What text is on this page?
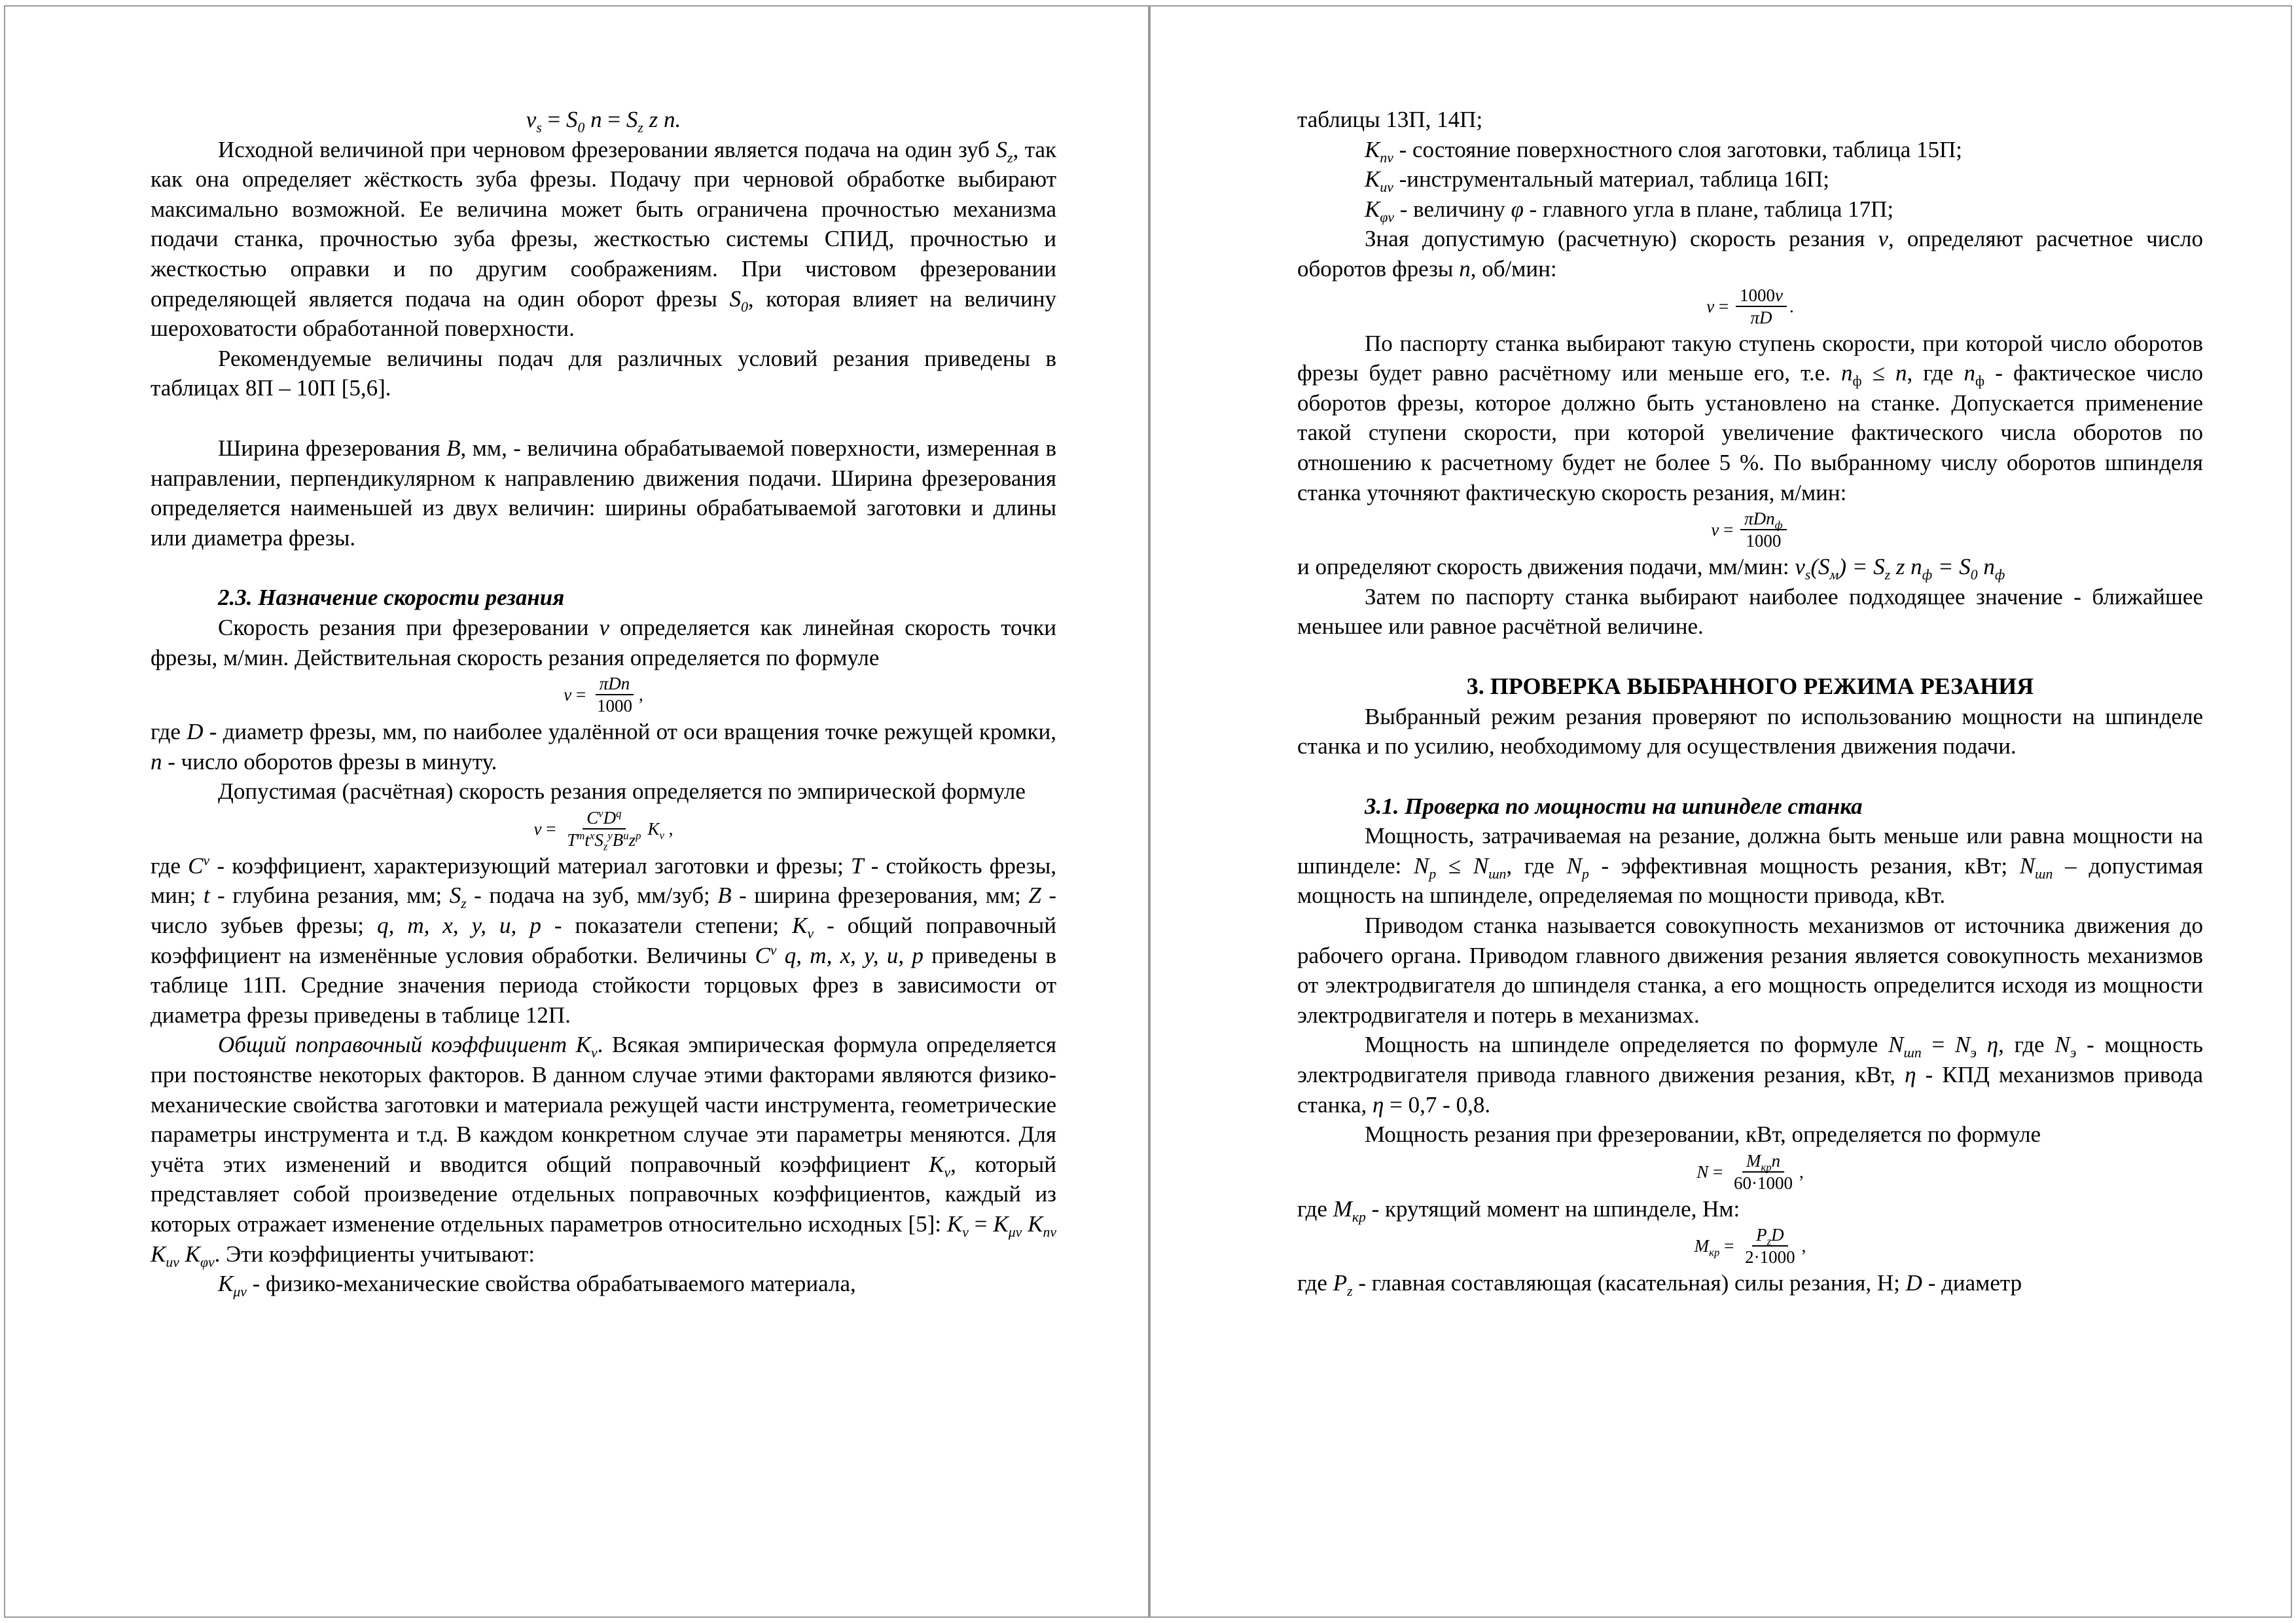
$v_s = S_0$ $n = S_z$ z n.

Исходной величиной при черновом фрезеровании является подача на один зуб $S_z$, так как она определяет жёсткость зуба фрезы. Подачу при черновой обработке выбирают максимально возможной. Ее величина может быть ограничена прочностью механизма подачи станка, прочностью зуба фрезы, жесткостью системы СПИД, прочностью и жесткостью оправки и по другим соображениям. При чистовом фрезеровании определяющей является подача на один оборот фрезы $S_0$, которая влияет на величину шероховатости обработанной поверхности.

Рекомендуемые величины подач для различных условий резания приведены в таблицах 8П – 10П [5,6].

Ширина фрезерования B, мм, - величина обрабатываемой поверхности, измеренная в направлении, перпендикулярном к направлению движения подачи. Ширина фрезерования определяется наименьшей из двух величин: ширины обрабатываемой заготовки и длины или диаметра фрезы.

2.3. Назначение скорости резания

Скорость резания при фрезеровании v определяется как линейная скорость точки фрезы, м/мин. Действительная скорость резания определяется по формуле

$v = \frac{\text{πDn}}{1000}$ ,

где D - диаметр фрезы, мм, по наиболее удалённой от оси вращения точке режущей кромки, n - число оборотов фрезы в минуту.

Допустимая (расчётная) скорость резания определяется по эмпирической формуле

$v = \frac{C^vD^q}{T^mt^xS_z^yB^uz^p} K_v$ ,

где $C^v$ - коэффициент, характеризующий материал заготовки и фрезы; T - стойкость фрезы, мин; t - глубина резания, мм; $S_z$ - подача на зуб, мм/зуб; B - ширина фрезерования, мм; Z - число зубьев фрезы; q, m, x, y, u, p - показатели степени; $K_v$ - общий поправочный коэффициент на изменённые условия обработки. Величины $C^v$ q, m, x, y, u, p приведены в таблице 11П. Средние значения периода стойкости торцовых фрез в зависимости от диаметра фрезы приведены в таблице 12П.

Общий поправочный коэффициент $K_v$. Всякая эмпирическая формула определяется при постоянстве некоторых факторов. В данном случае этими факторами являются физико-механические свойства заготовки и материала режущей части инструмента, геометрические параметры инструмента и т.д. В каждом конкретном случае эти параметры меняются. Для учёта этих изменений и вводится общий поправочный коэффициент $K_v$, который представляет собой произведение отдельных поправочных коэффициентов, каждый из которых отражает изменение отдельных параметров относительно исходных [5]: $K_v = K_{\mu v}$ $K_{nv}$ $K_{uv}$ $K_{\varphi v}$. Эти коэффициенты учитывают:

$K_{\mu v}$ - физико-механические свойства обрабатываемого материала,

таблицы 13П, 14П;

$K_{nv}$ - состояние поверхностного слоя заготовки, таблица 15П;

$K_{uv}$ -инструментальный материал, таблица 16П;

$K_{\varphi v}$ - величину φ - главного угла в плане, таблица 17П;

Зная допустимую (расчетную) скорость резания v, определяют расчетное число оборотов фрезы n, об/мин:

$v = \frac{1000v}{\pi D}$ .

По паспорту станка выбирают такую ступень скорости, при которой число оборотов фрезы будет равно расчётному или меньше его, т.е. $n_ф \le n$, где $n_ф$ - фактическое число оборотов фрезы, которое должно быть установлено на станке. Допускается применение такой ступени скорости, при которой увеличение фактического числа оборотов по отношению к расчетному будет не более 5 %. По выбранному числу оборотов шпинделя станка уточняют фактическую скорость резания, м/мин:

$v = \frac{\pi Dn_ф}{1000}$

и определяют скорость движения подачи, мм/мин: $v_s(S_м) = S_z$ z $n_ф = S_0$ $n_ф$

Затем по паспорту станка выбирают наиболее подходящее значение - ближайшее меньшее или равное расчётной величине.

3. ПРОВЕРКА ВЫБРАННОГО РЕЖИМА РЕЗАНИЯ

Выбранный режим резания проверяют по использованию мощности на шпинделе станка и по усилию, необходимому для осуществления движения подачи.

3.1. Проверка по мощности на шпинделе станка

Мощность, затрачиваемая на резание, должна быть меньше или равна мощности на шпинделе: $N_p \le N_{шп}$, где $N_p$ - эффективная мощность резания, кВт; $N_{шп}$ – допустимая мощность на шпинделе, определяемая по мощности привода, кВт.

Приводом станка называется совокупность механизмов от источника движения до рабочего органа. Приводом главного движения резания является совокупность механизмов от электродвигателя до шпинделя станка, а его мощность определится исходя из мощности электродвигателя и потерь в механизмах.

Мощность на шпинделе определяется по формуле $N_{шп} = N_э$ η, где $N_э$ - мощность электродвигателя привода главного движения резания, кВт, η - КПД механизмов привода станка, η = 0,7 - 0,8.

Мощность резания при фрезеровании, кВт, определяется по формуле

$N = \frac{M_{кр}n}{60\cdot 1000}$ ,

где $M_{кр}$ - крутящий момент на шпинделе, Нм:

$M_{кр} = \frac{P_zD}{2\cdot 1000}$ ,

где $P_z$ - главная составляющая (касательная) силы резания, Н; D - диаметр
